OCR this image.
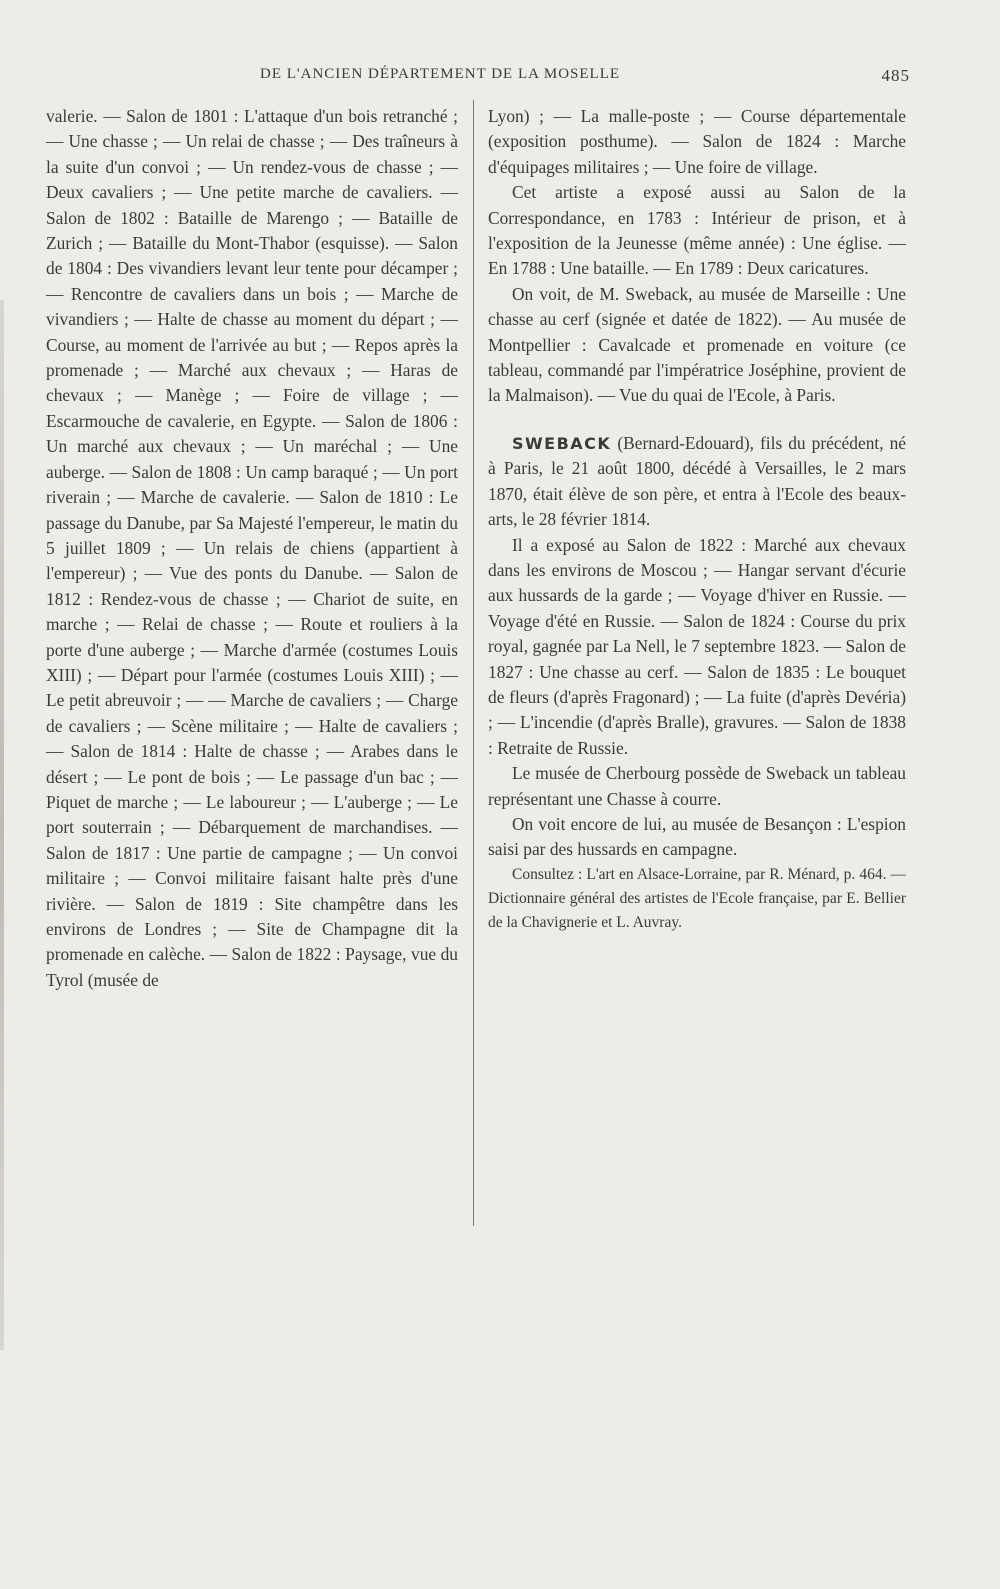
DE L'ANCIEN DÉPARTEMENT DE LA MOSELLE	485

valerie. — Salon de 1801 : L'attaque d'un bois retranché ; — Une chasse ; — Un relai de chasse ; — Des traîneurs à la suite d'un convoi ; — Un rendez-vous de chasse ; — Deux cavaliers ; — Une petite marche de cavaliers. — Salon de 1802 : Bataille de Marengo ; — Bataille de Zurich ; — Bataille du Mont-Thabor (esquisse). — Salon de 1804 : Des vivandiers levant leur tente pour décamper ; — Rencontre de cavaliers dans un bois ; — Marche de vivandiers ; — Halte de chasse au moment du départ ; — Course, au moment de l'arrivée au but ; — Repos après la promenade ; — Marché aux chevaux ; — Haras de chevaux ; — Manège ; — Foire de village ; — Escarmouche de cavalerie, en Egypte. — Salon de 1806 : Un marché aux chevaux ; — Un maréchal ; — Une auberge. — Salon de 1808 : Un camp baraqué ; — Un port riverain ; — Marche de cavalerie. — Salon de 1810 : Le passage du Danube, par Sa Majesté l'empereur, le matin du 5 juillet 1809 ; — Un relais de chiens (appartient à l'empereur) ; — Vue des ponts du Danube. — Salon de 1812 : Rendez-vous de chasse ; — Chariot de suite, en marche ; — Relai de chasse ; — Route et rouliers à la porte d'une auberge ; — Marche d'armée (costumes Louis XIII) ; — Départ pour l'armée (costumes Louis XIII) ; — Le petit abreuvoir ; — — Marche de cavaliers ; — Charge de cavaliers ; — Scène militaire ; — Halte de cavaliers ; — Salon de 1814 : Halte de chasse ; — Arabes dans le désert ; — Le pont de bois ; — Le passage d'un bac ; — Piquet de marche ; — Le laboureur ; — L'auberge ; — Le port souterrain ; — Débarquement de marchandises. — Salon de 1817 : Une partie de campagne ; — Un convoi militaire ; — Convoi militaire faisant halte près d'une rivière. — Salon de 1819 : Site champêtre dans les environs de Londres ; — Site de Champagne dit la promenade en calèche. — Salon de 1822 : Paysage, vue du Tyrol (musée de

Lyon) ; — La malle-poste ; — Course départementale (exposition posthume). — Salon de 1824 : Marche d'équipages militaires ; — Une foire de village.

Cet artiste a exposé aussi au Salon de la Correspondance, en 1783 : Intérieur de prison, et à l'exposition de la Jeunesse (même année) : Une église. — En 1788 : Une bataille. — En 1789 : Deux caricatures.

On voit, de M. Sweback, au musée de Marseille : Une chasse au cerf (signée et datée de 1822). — Au musée de Montpellier : Cavalcade et promenade en voiture (ce tableau, commandé par l'impératrice Joséphine, provient de la Malmaison). — Vue du quai de l'Ecole, à Paris.

SWEBACK (Bernard-Edouard), fils du précédent, né à Paris, le 21 août 1800, décédé à Versailles, le 2 mars 1870, était élève de son père, et entra à l'Ecole des beaux-arts, le 28 février 1814.

Il a exposé au Salon de 1822 : Marché aux chevaux dans les environs de Moscou ; — Hangar servant d'écurie aux hussards de la garde ; — Voyage d'hiver en Russie. — Voyage d'été en Russie. — Salon de 1824 : Course du prix royal, gagnée par La Nell, le 7 septembre 1823. — Salon de 1827 : Une chasse au cerf. — Salon de 1835 : Le bouquet de fleurs (d'après Fragonard) ; — La fuite (d'après Devéria) ; — L'incendie (d'après Bralle), gravures. — Salon de 1838 : Retraite de Russie.

Le musée de Cherbourg possède de Sweback un tableau représentant une Chasse à courre.

On voit encore de lui, au musée de Besançon : L'espion saisi par des hussards en campagne.

Consultez : L'art en Alsace-Lorraine, par R. Ménard, p. 464. — Dictionnaire général des artistes de l'Ecole française, par E. Bellier de la Chavignerie et L. Auvray.
